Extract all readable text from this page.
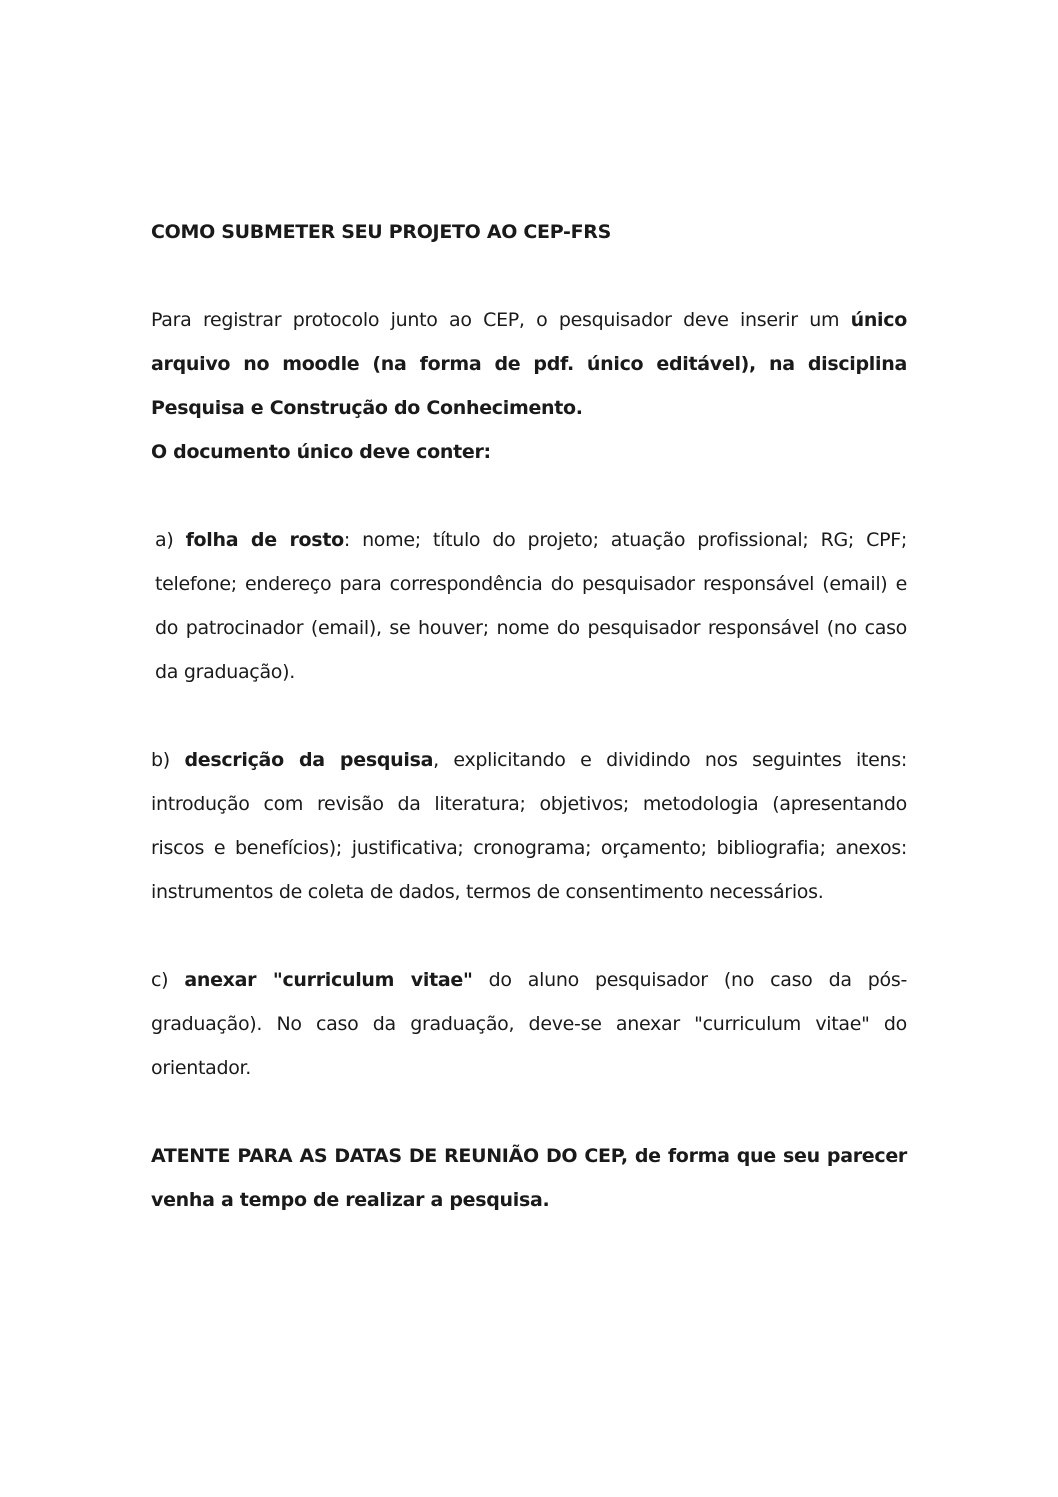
COMO SUBMETER SEU PROJETO AO CEP-FRS

Para registrar protocolo junto ao CEP, o pesquisador deve inserir um único arquivo no moodle (na forma de pdf. único editável), na disciplina Pesquisa e Construção do Conhecimento.

O documento único deve conter:

a) folha de rosto: nome; título do projeto; atuação profissional; RG; CPF; telefone; endereço para correspondência do pesquisador responsável (email) e do patrocinador (email), se houver; nome do pesquisador responsável (no caso da graduação).

b) descrição da pesquisa, explicitando e dividindo nos seguintes itens: introdução com revisão da literatura; objetivos; metodologia (apresentando riscos e benefícios); justificativa; cronograma; orçamento; bibliografia; anexos: instrumentos de coleta de dados, termos de consentimento necessários.

c) anexar "curriculum vitae" do aluno pesquisador (no caso da pós-graduação). No caso da graduação, deve-se anexar "curriculum vitae" do orientador.

ATENTE PARA AS DATAS DE REUNIÃO DO CEP, de forma que seu parecer venha a tempo de realizar a pesquisa.
